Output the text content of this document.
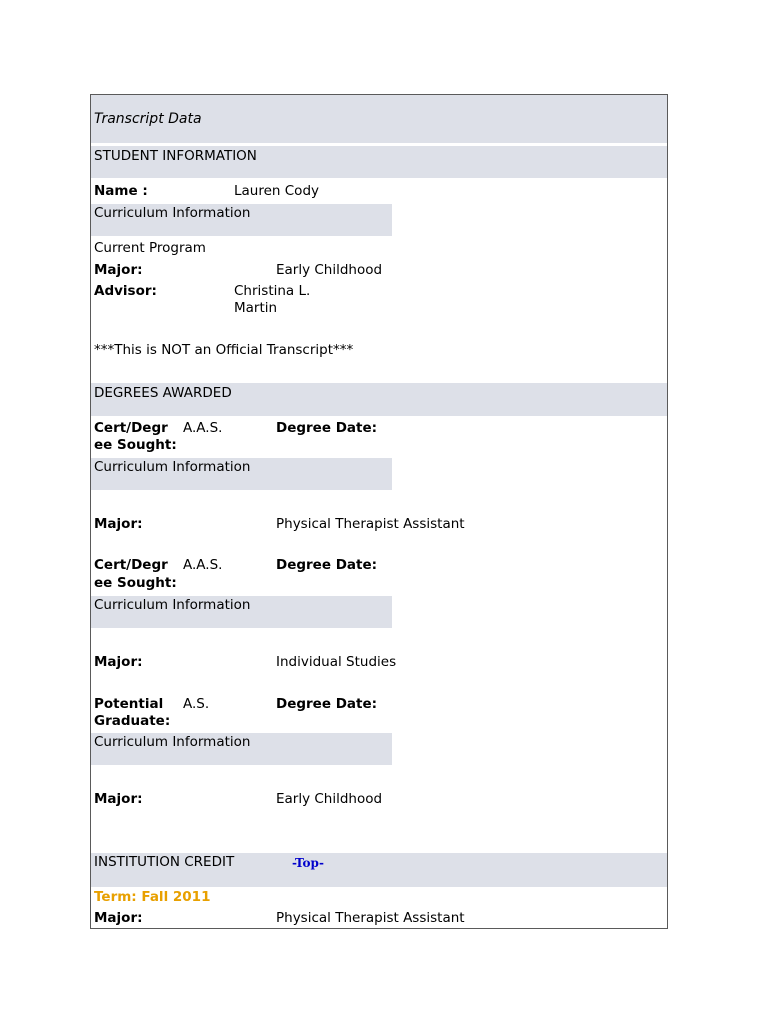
Transcript Data
STUDENT INFORMATION
Name :	Lauren Cody
Curriculum Information
Current Program
Major:	Early Childhood
Advisor:	Christina L.
Martin
***This is NOT an Official Transcript***
DEGREES AWARDED
Cert/Degr
ee Sought:
A.A.S.	Degree Date:
Curriculum Information
Major:	Physical Therapist Assistant
Cert/Degr
ee Sought:
A.A.S.	Degree Date:
Curriculum Information
Major:	Individual Studies
Potential
Graduate:
A.S.	Degree Date:
Curriculum Information
Major:	Early Childhood
INSTITUTION CREDIT	-Top-
Term: Fall 2011
Major:	Physical Therapist Assistant
